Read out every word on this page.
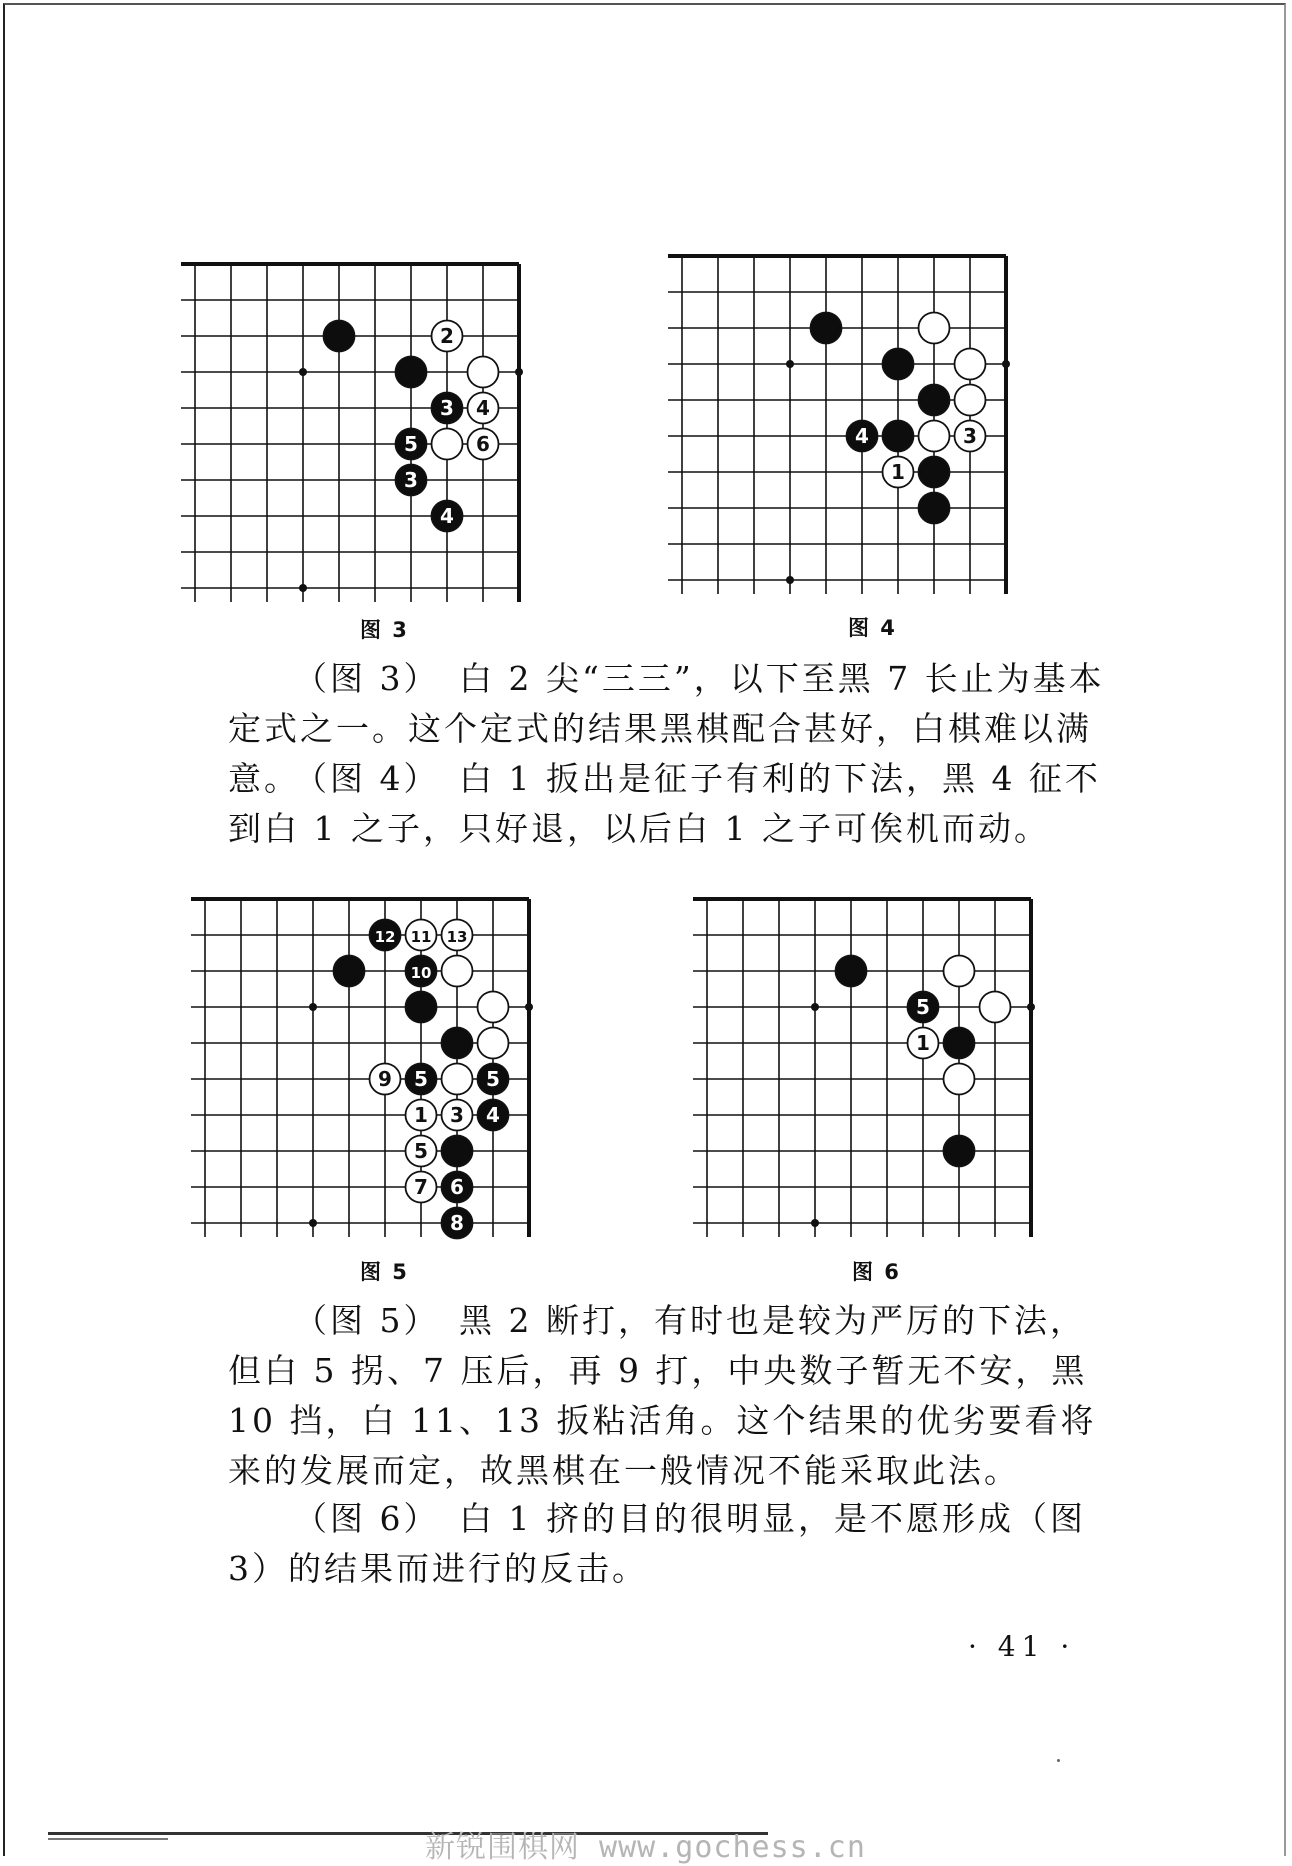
2
3 4
5	6
3
4
4	3
1
12 11 13
10
9 5	5
1 3 4
5
7 6
8
5
1
图 3	图 4
图 5	图 6

（图 3）　白 2 尖“三三”，以下至黑 7 长止为基本定式之一。这个定式的结果黑棋配合甚好，白棋难以满意。

（图 4）　白 1 扳出是征子有利的下法，黑 4 征不到白 1 之子，只好退，以后白 1 之子可俟机而动。

（图 5）　黑 2 断打，有时也是较为严厉的下法，但白 5 拐、7 压后，再 9 打，中央数子暂无不安，黑 10 挡，白 11、13 扳粘活角。这个结果的优劣要看将来的发展而定，故黑棋在一般情况不能采取此法。

（图 6）　白 1 挤的目的很明显，是不愿形成（图 3）的结果而进行的反击。

· 41 ·
新锐围棋网 www.gochess.cn
